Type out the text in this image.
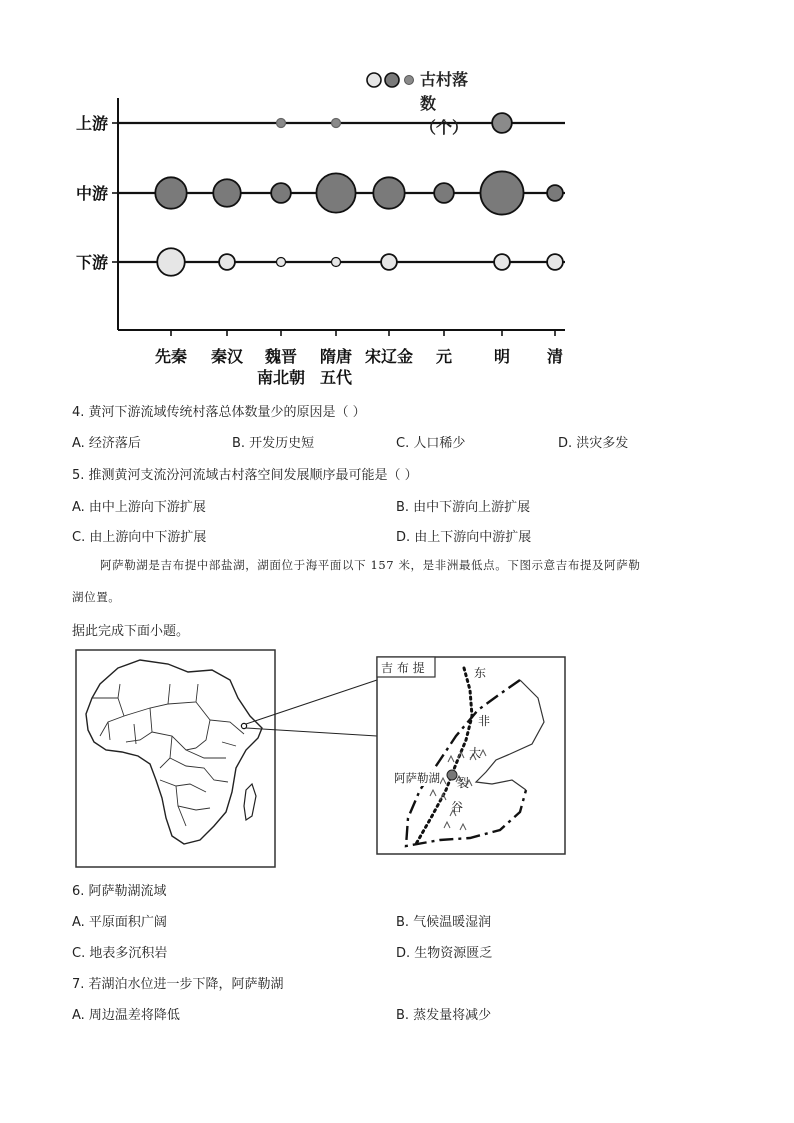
上游
中游
下游
先秦 秦汉 魏晋
南北朝
隋唐
五代
宋辽金 元	明 清
古村落数（个）
4. 黄河下游流域传统村落总体数量少的原因是（ ）
A. 经济落后	B. 开发历史短	C. 人口稀少	D. 洪灾多发
5. 推测黄河支流汾河流域古村落空间发展顺序最可能是（ ）
A. 由中上游向下游扩展	B. 由中下游向上游扩展
C. 由上游向中下游扩展	D. 由上下游向中游扩展
阿萨勒湖是吉布提中部盐湖，湖面位于海平面以下 157 米，是非洲最低点。下图示意吉布提及阿萨勒
湖位置。
据此完成下面小题。
吉 布 提	东
非
大
裂
谷
阿萨勒湖
6. 阿萨勒湖流域
A. 平原面积广阔	B. 气候温暖湿润
C. 地表多沉积岩	D. 生物资源匮乏
7. 若湖泊水位进一步下降，阿萨勒湖
A. 周边温差将降低	B. 蒸发量将减少
